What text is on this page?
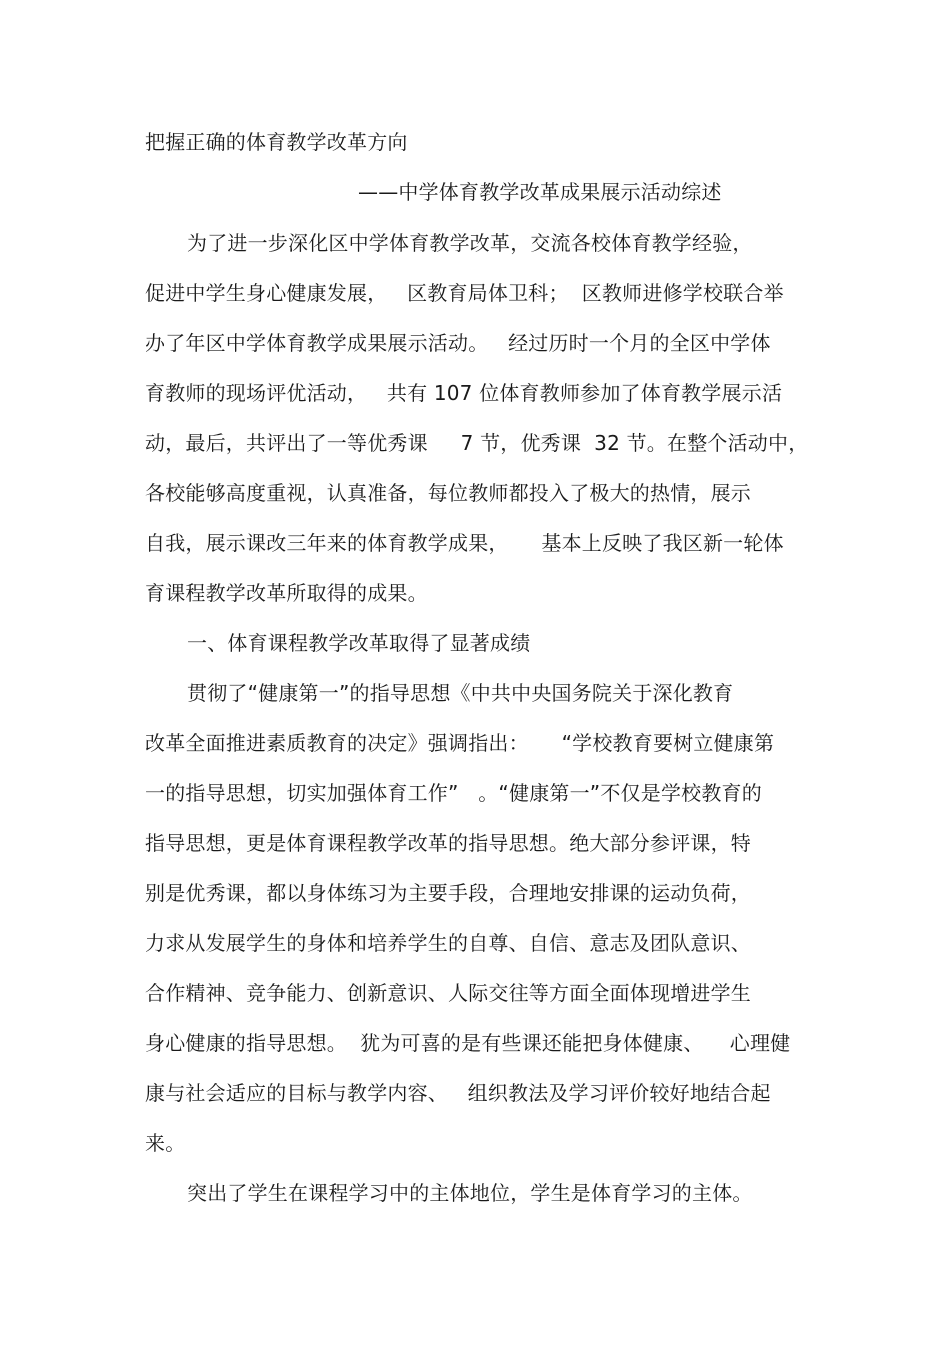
把握正确的体育教学改革方向
——中学体育教学改革成果展示活动综述
为了进一步深化区中学体育教学改革，交流各校体育教学经验，
促进中学生身心健康发展，   区教育局体卫科；  区教师进修学校联合举
办了年区中学体育教学成果展示活动。   经过历时一个月的全区中学体
育教师的现场评优活动，   共有 107 位体育教师参加了体育教学展示活
动，最后，共评出了一等优秀课     7 节，优秀课  32 节。在整个活动中，
各校能够高度重视，认真准备，每位教师都投入了极大的热情，展示
自我，展示课改三年来的体育教学成果，     基本上反映了我区新一轮体
育课程教学改革所取得的成果。
一、体育课程教学改革取得了显著成绩
贯彻了“健康第一”的指导思想《中共中央国务院关于深化教育
改革全面推进素质教育的决定》强调指出：     “学校教育要树立健康第
一的指导思想，切实加强体育工作”   。“健康第一”不仅是学校教育的
指导思想，更是体育课程教学改革的指导思想。绝大部分参评课，特
别是优秀课，都以身体练习为主要手段，合理地安排课的运动负荷，
力求从发展学生的身体和培养学生的自尊、自信、意志及团队意识、
合作精神、竞争能力、创新意识、人际交往等方面全面体现增进学生
身心健康的指导思想。  犹为可喜的是有些课还能把身体健康、    心理健
康与社会适应的目标与教学内容、   组织教法及学习评价较好地结合起
来。
突出了学生在课程学习中的主体地位，学生是体育学习的主体。
